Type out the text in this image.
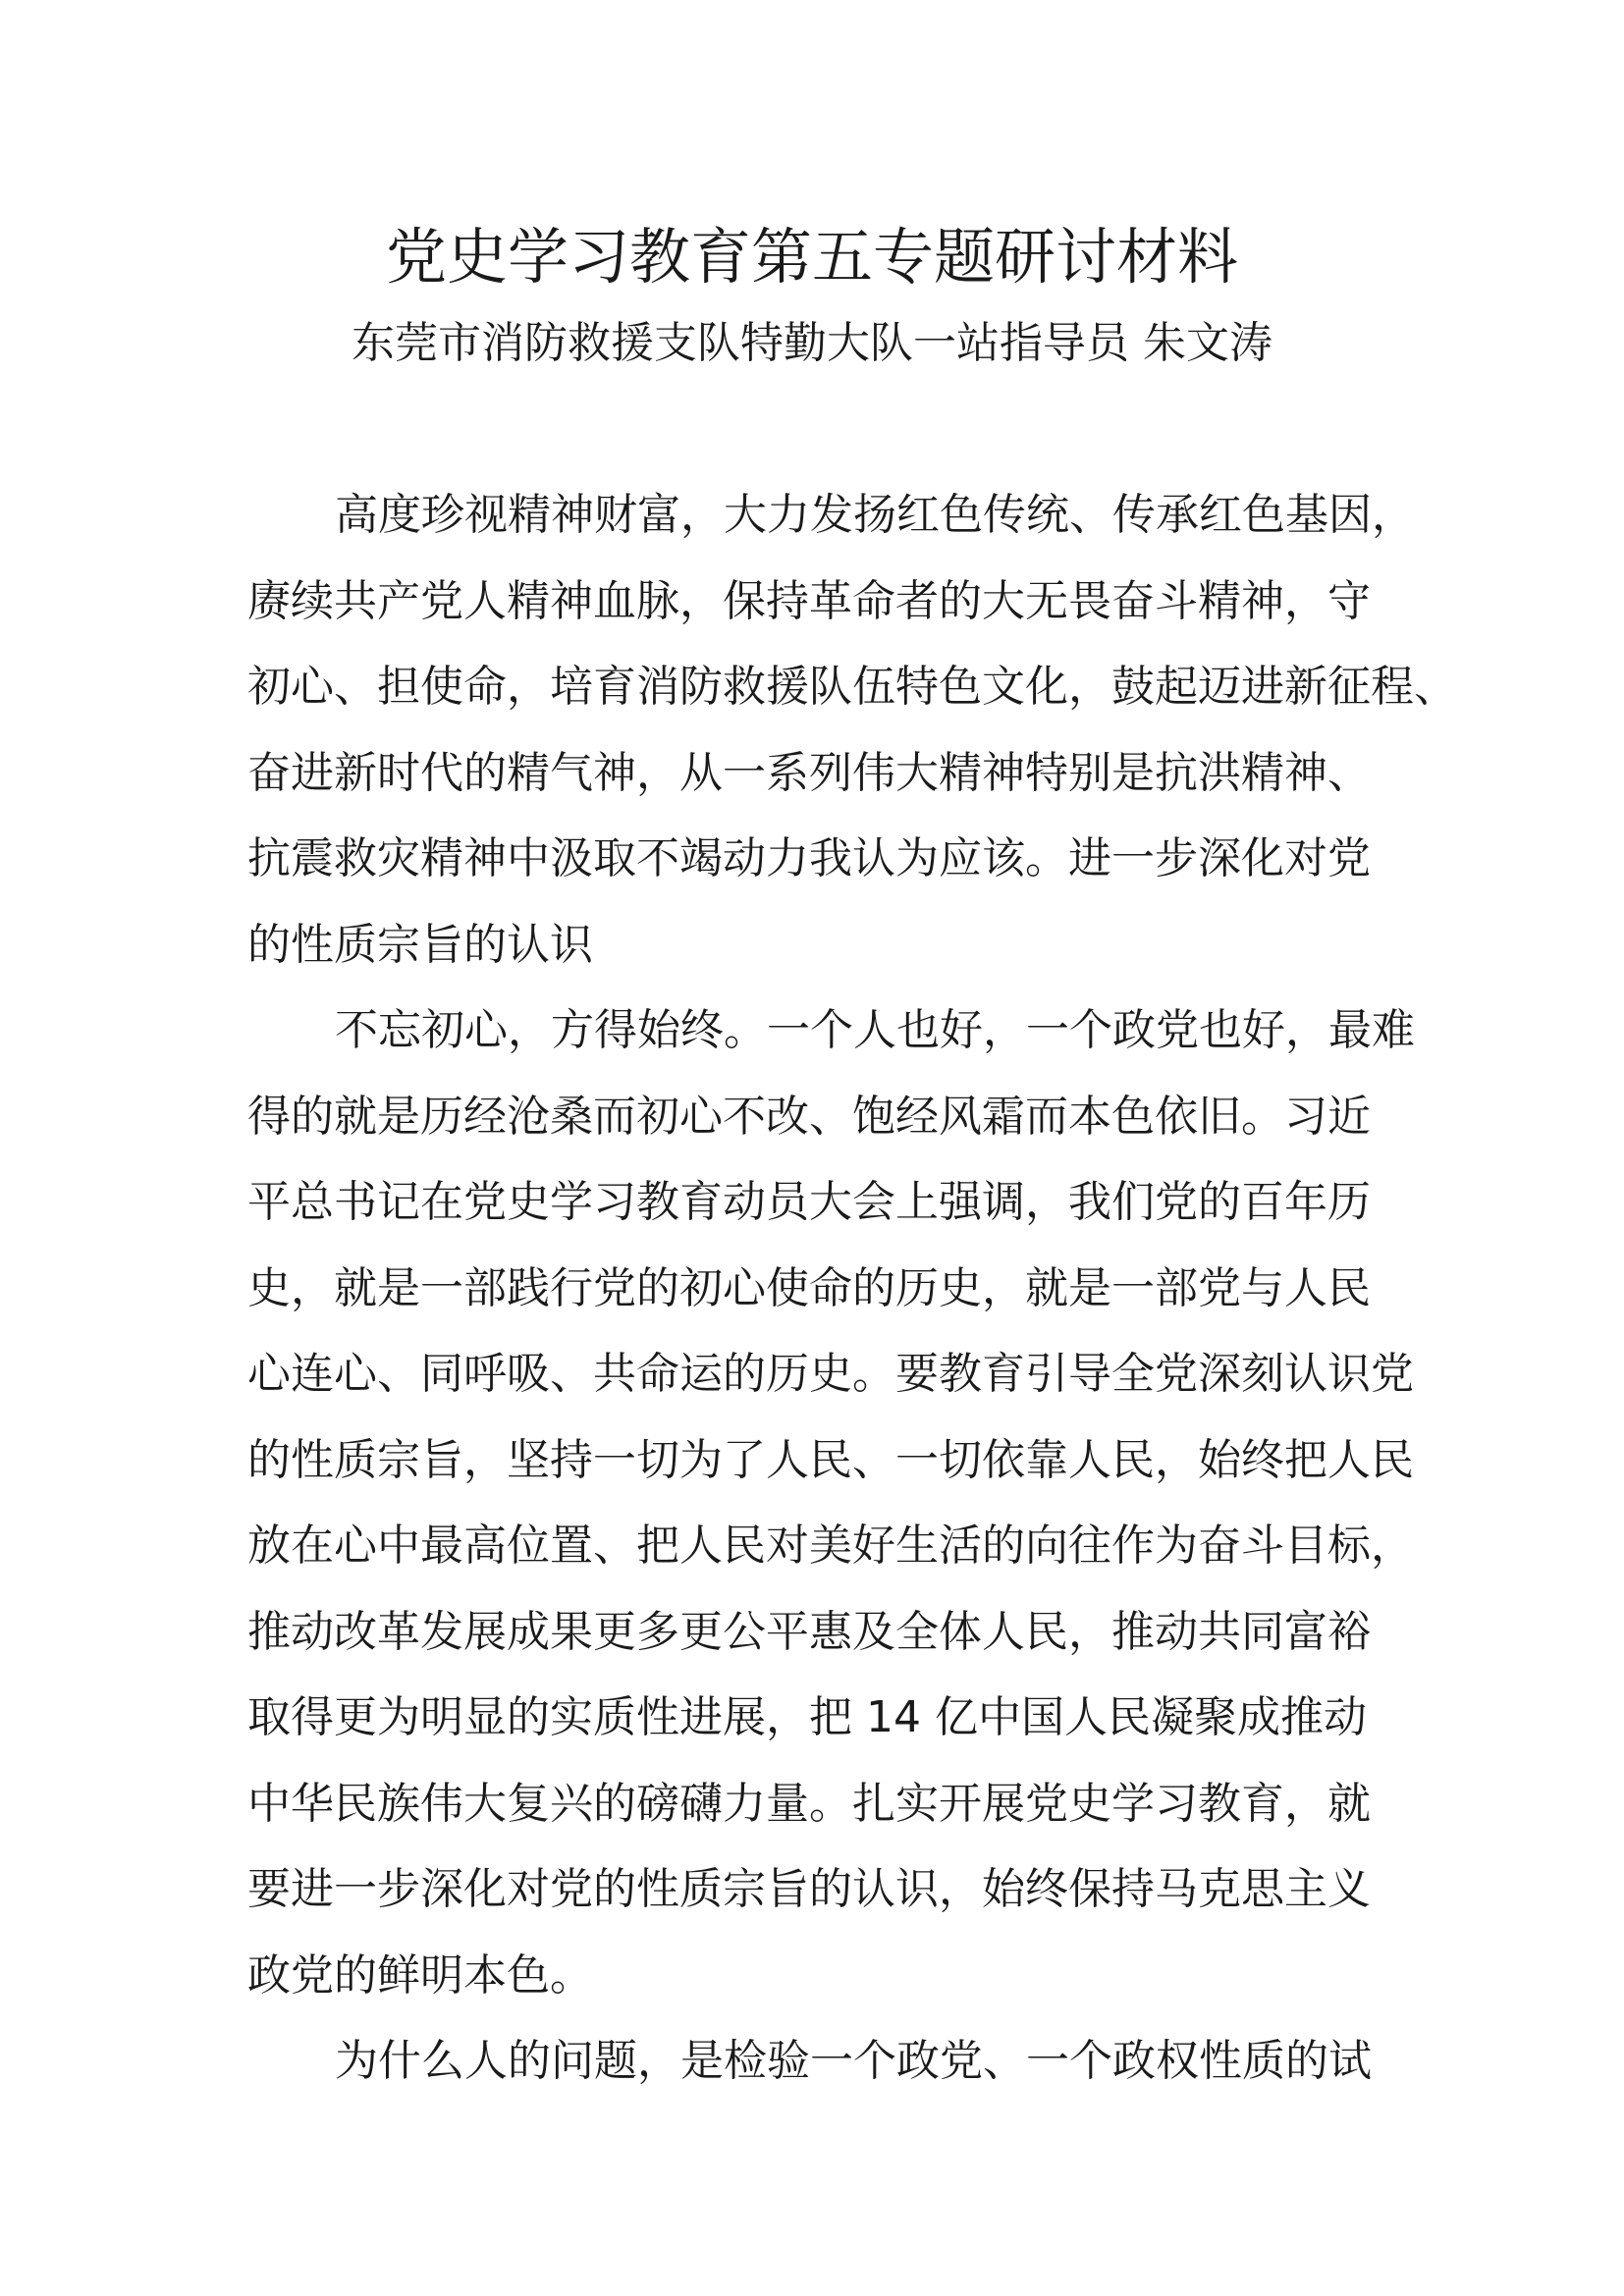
党史学习教育第五专题研讨材料
东莞市消防救援支队特勤大队一站指导员 朱文涛
高度珍视精神财富，大力发扬红色传统、传承红色基因，
赓续共产党人精神血脉，保持革命者的大无畏奋斗精神，守
初心、担使命，培育消防救援队伍特色文化，鼓起迈进新征程、
奋进新时代的精气神，从一系列伟大精神特别是抗洪精神、
抗震救灾精神中汲取不竭动力我认为应该。进一步深化对党
的性质宗旨的认识
不忘初心，方得始终。一个人也好，一个政党也好，最难
得的就是历经沧桑而初心不改、饱经风霜而本色依旧。习近
平总书记在党史学习教育动员大会上强调，我们党的百年历
史，就是一部践行党的初心使命的历史，就是一部党与人民
心连心、同呼吸、共命运的历史。要教育引导全党深刻认识党
的性质宗旨，坚持一切为了人民、一切依靠人民，始终把人民
放在心中最高位置、把人民对美好生活的向往作为奋斗目标，
推动改革发展成果更多更公平惠及全体人民，推动共同富裕
取得更为明显的实质性进展，把 14 亿中国人民凝聚成推动
中华民族伟大复兴的磅礴力量。扎实开展党史学习教育，就
要进一步深化对党的性质宗旨的认识，始终保持马克思主义
政党的鲜明本色。
为什么人的问题，是检验一个政党、一个政权性质的试
